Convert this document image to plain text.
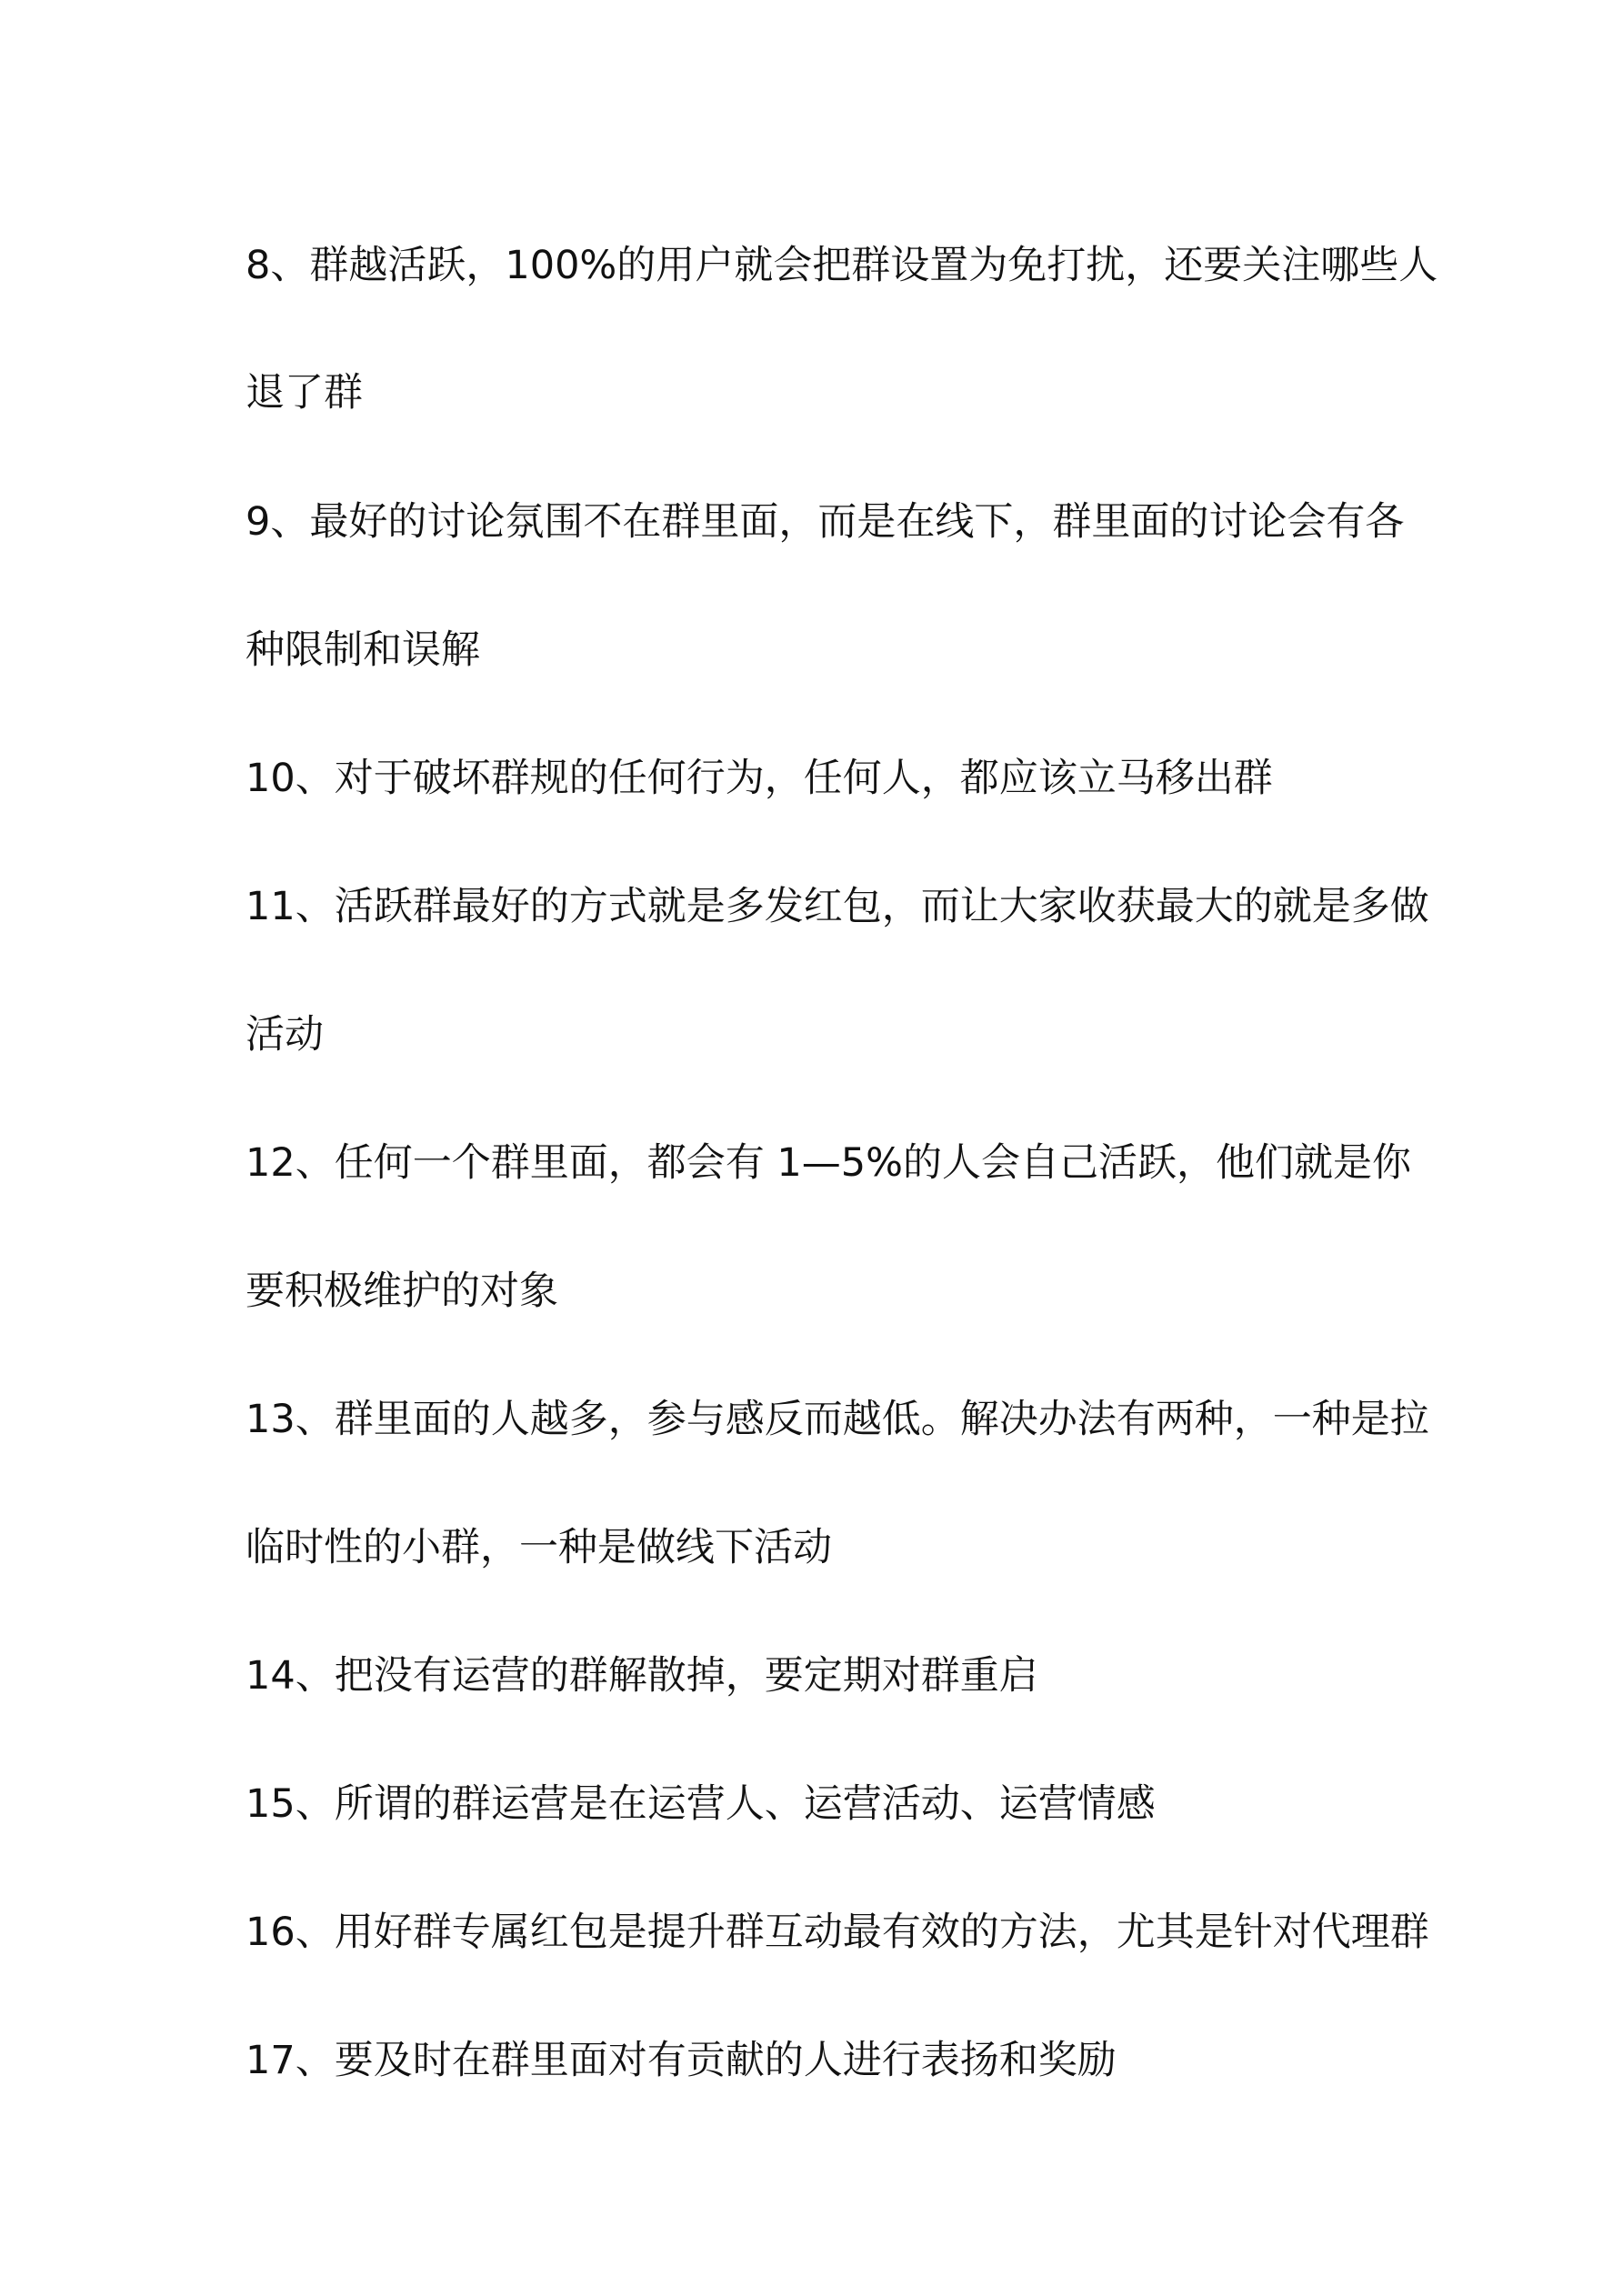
8、群越活跃，100%的用户就会把群设置为免打扰，还要关注哪些人
退了群
9、最好的讨论氛围不在群里面，而是在线下，群里面的讨论会有各
种限制和误解
10、对于破坏群规的任何行为，任何人，都应该立马移出群
11、活跃群最好的方式就是多发红包，而让大家收获最大的就是多做
活动
12、任何一个群里面，都会有 1—5%的人会自己活跃，他们就是你
要积极维护的对象
13、群里面的人越多，参与感反而越低。解决办法有两种，一种是拉
临时性的小群，一种是做线下活动
14、把没有运营的群解散掉，要定期对群重启
15、所谓的群运营是在运营人、运营活动、运营情感
16、用好群专属红包是提升群互动最有效的方法，尤其是针对代理群
17、要及时在群里面对有贡献的人进行表扬和奖励
